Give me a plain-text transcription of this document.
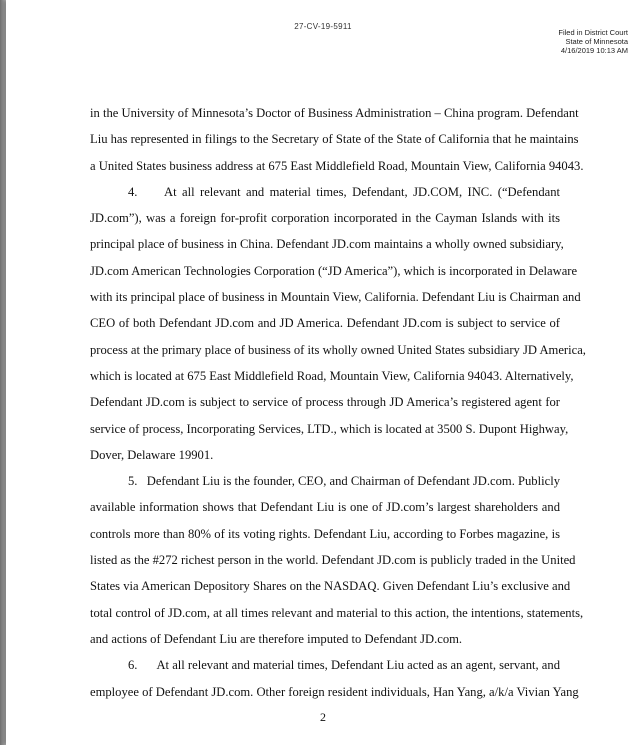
27-CV-19-5911
Filed in District Court
State of Minnesota
4/16/2019 10:13 AM
in the University of Minnesota’s Doctor of Business Administration – China program. Defendant
Liu has represented in filings to the Secretary of State of the State of California that he maintains
a United States business address at 675 East Middlefield Road, Mountain View, California 94043.
4.	At all relevant and material times, Defendant, JD.COM, INC. (“Defendant
JD.com”), was a foreign for-profit corporation incorporated in the Cayman Islands with its
principal place of business in China. Defendant JD.com maintains a wholly owned subsidiary,
JD.com American Technologies Corporation (“JD America”), which is incorporated in Delaware
with its principal place of business in Mountain View, California. Defendant Liu is Chairman and
CEO of both Defendant JD.com and JD America. Defendant JD.com is subject to service of
process at the primary place of business of its wholly owned United States subsidiary JD America,
which is located at 675 East Middlefield Road, Mountain View, California 94043. Alternatively,
Defendant JD.com is subject to service of process through JD America’s registered agent for
service of process, Incorporating Services, LTD., which is located at 3500 S. Dupont Highway,
Dover, Delaware 19901.
5. Defendant Liu is the founder, CEO, and Chairman of Defendant JD.com. Publicly
available information shows that Defendant Liu is one of JD.com’s largest shareholders and
controls more than 80% of its voting rights. Defendant Liu, according to Forbes magazine, is
listed as the #272 richest person in the world. Defendant JD.com is publicly traded in the United
States via American Depository Shares on the NASDAQ. Given Defendant Liu’s exclusive and
total control of JD.com, at all times relevant and material to this action, the intentions, statements,
and actions of Defendant Liu are therefore imputed to Defendant JD.com.
6.	At all relevant and material times, Defendant Liu acted as an agent, servant, and
employee of Defendant JD.com. Other foreign resident individuals, Han Yang, a/k/a Vivian Yang
2
